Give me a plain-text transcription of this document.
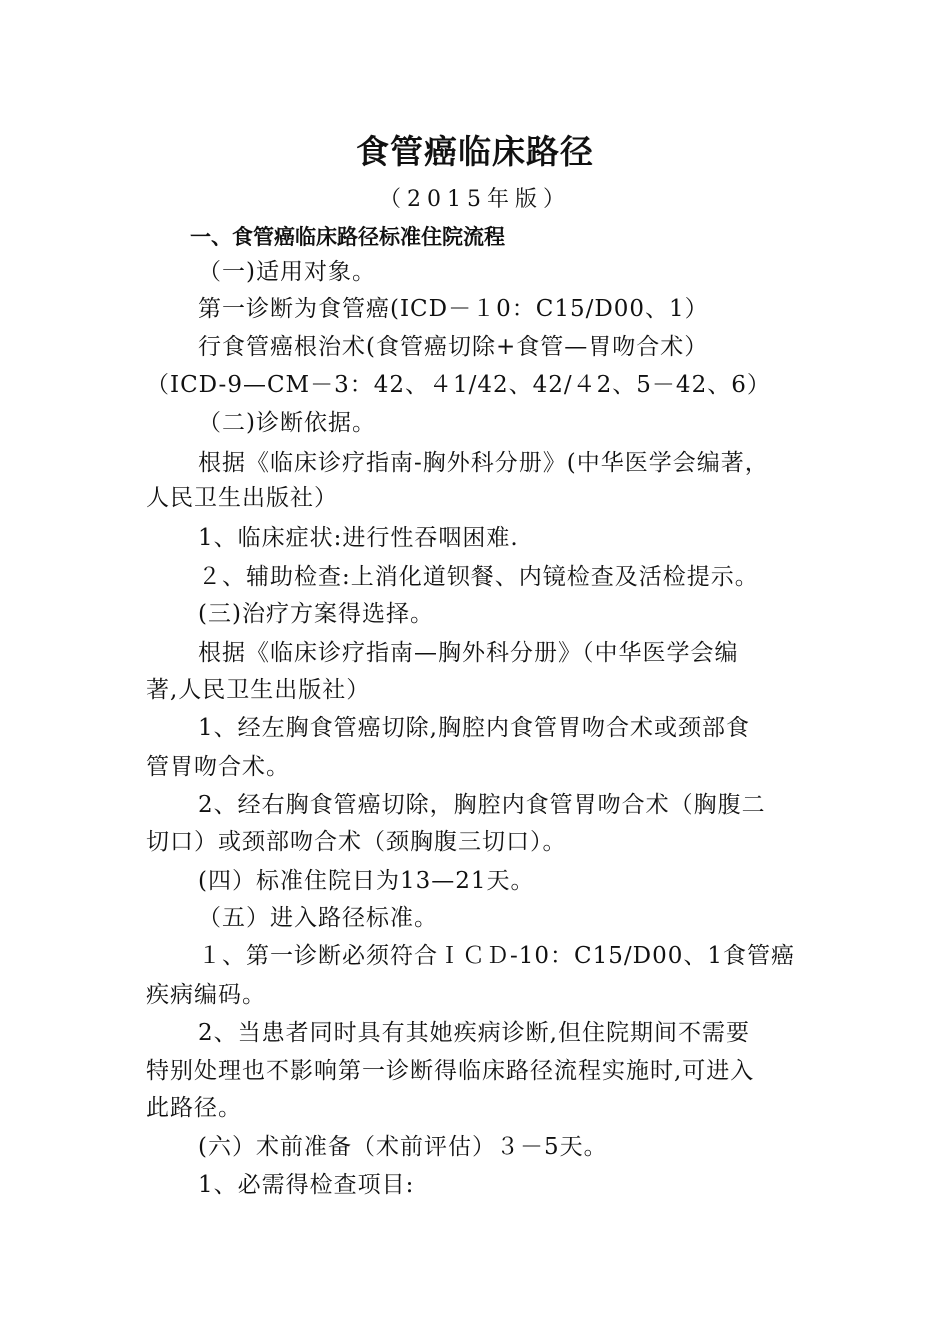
食管癌临床路径

（2015年版）

一、食管癌临床路径标准住院流程

（一)适用对象。

第一诊断为食管癌(ICD－１0：C15/D00、1）

行食管癌根治术(食管癌切除+食管—胃吻合术）

（ICD-9—CM－3：42、４1/42、42/４2、5－42、6）

（二)诊断依据。

根据《临床诊疗指南-胸外科分册》(中华医学会编著，

人民卫生出版社）

1、临床症状:进行性吞咽困难.

２、辅助检查:上消化道钡餐、内镜检查及活检提示。

(三)治疗方案得选择。

根据《临床诊疗指南—胸外科分册》（中华医学会编

著,人民卫生出版社）

1、经左胸食管癌切除,胸腔内食管胃吻合术或颈部食

管胃吻合术。

2、经右胸食管癌切除，胸腔内食管胃吻合术（胸腹二

切口）或颈部吻合术（颈胸腹三切口）。

(四）标准住院日为13—21天。

（五）进入路径标准。

１、第一诊断必须符合ＩＣＤ-10：C15/D00、1食管癌

疾病编码。

2、当患者同时具有其她疾病诊断,但住院期间不需要

特别处理也不影响第一诊断得临床路径流程实施时,可进入

此路径。

(六）术前准备（术前评估）３－5天。

1、必需得检查项目:
